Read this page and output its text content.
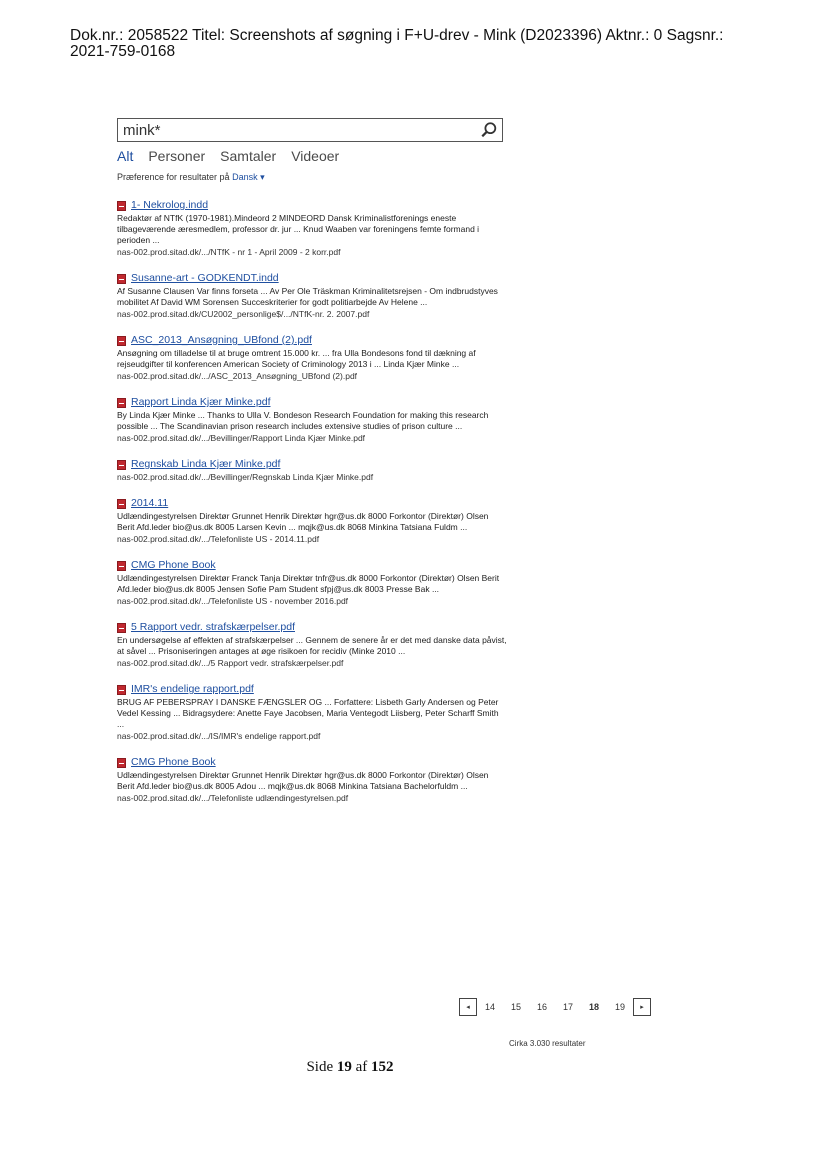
Dok.nr.: 2058522 Titel: Screenshots af søgning i F+U-drev - Mink (D2023396) Aktnr.: 0 Sagsnr.:
2021-759-0168
mink*
Alt Personer Samtaler Videoer
Præference for resultater på Dansk ▾
1- Nekrolog.indd
Redaktør af NTfK (1970-1981).Mindeord 2 MINDEORD Dansk Kriminalistforenings eneste tilbageværende æresmedlem, professor dr. jur ... Knud Waaben var foreningens femte formand i perioden ...
nas-002.prod.sitad.dk/.../NTfK - nr 1 - April 2009 - 2 korr.pdf
Susanne-art - GODKENDT.indd
Af Susanne Clausen Var finns forseta ... Av Per Ole Träskman Kriminalitetsrejsen - Om indbrudstyves mobilitet Af David WM Sorensen Succeskriterier for godt politiarbejde Av Helene ...
nas-002.prod.sitad.dk/CU2002_personlige$/.../NTfK-nr. 2. 2007.pdf
ASC_2013_Ansøgning_UBfond (2).pdf
Ansøgning om tilladelse til at bruge omtrent 15.000 kr. ... fra Ulla Bondesons fond til dækning af rejseudgifter til konferencen American Society of Criminology 2013 i ... Linda Kjær Minke ...
nas-002.prod.sitad.dk/.../ASC_2013_Ansøgning_UBfond (2).pdf
Rapport Linda Kjær Minke.pdf
By Linda Kjær Minke ... Thanks to Ulla V. Bondeson Research Foundation for making this research possible ... The Scandinavian prison research includes extensive studies of prison culture ...
nas-002.prod.sitad.dk/.../Bevillinger/Rapport Linda Kjær Minke.pdf
Regnskab Linda Kjær Minke.pdf
nas-002.prod.sitad.dk/.../Bevillinger/Regnskab Linda Kjær Minke.pdf
2014.11
Udlændingestyrelsen Direktør Grunnet Henrik Direktør hgr@us.dk 8000 Forkontor (Direktør) Olsen Berit Afd.leder bio@us.dk 8005 Larsen Kevin ... mqjk@us.dk 8068 Minkina Tatsiana Fuldm ...
nas-002.prod.sitad.dk/.../Telefonliste US - 2014.11.pdf
CMG Phone Book
Udlændingestyrelsen Direktør Franck Tanja Direktør tnfr@us.dk 8000 Forkontor (Direktør) Olsen Berit Afd.leder bio@us.dk 8005 Jensen Sofie Pam Student sfpj@us.dk 8003 Presse Bak ...
nas-002.prod.sitad.dk/.../Telefonliste US - november 2016.pdf
5 Rapport vedr. strafskærpelser.pdf
En undersøgelse af effekten af strafskærpelser ... Gennem de senere år er det med danske data påvist, at såvel ... Prisoniseringen antages at øge risikoen for recidiv (Minke 2010 ...
nas-002.prod.sitad.dk/.../5 Rapport vedr. strafskærpelser.pdf
IMR's endelige rapport.pdf
BRUG AF PEBERSPRAY I DANSKE FÆNGSLER OG ... Forfattere: Lisbeth Garly Andersen og Peter Vedel Kessing ... Bidragsydere: Anette Faye Jacobsen, Maria Ventegodt Liisberg, Peter Scharff Smith ...
nas-002.prod.sitad.dk/.../IS/IMR's endelige rapport.pdf
CMG Phone Book
Udlændingestyrelsen Direktør Grunnet Henrik Direktør hgr@us.dk 8000 Forkontor (Direktør) Olsen Berit Afd.leder bio@us.dk 8005 Adou ... mqjk@us.dk 8068 Minkina Tatsiana Bachelorfuldm ...
nas-002.prod.sitad.dk/.../Telefonliste udlændingestyrelsen.pdf
◂	14	15	16	17	18	19	▸
Cirka 3.030 resultater
Side 19 af 152
